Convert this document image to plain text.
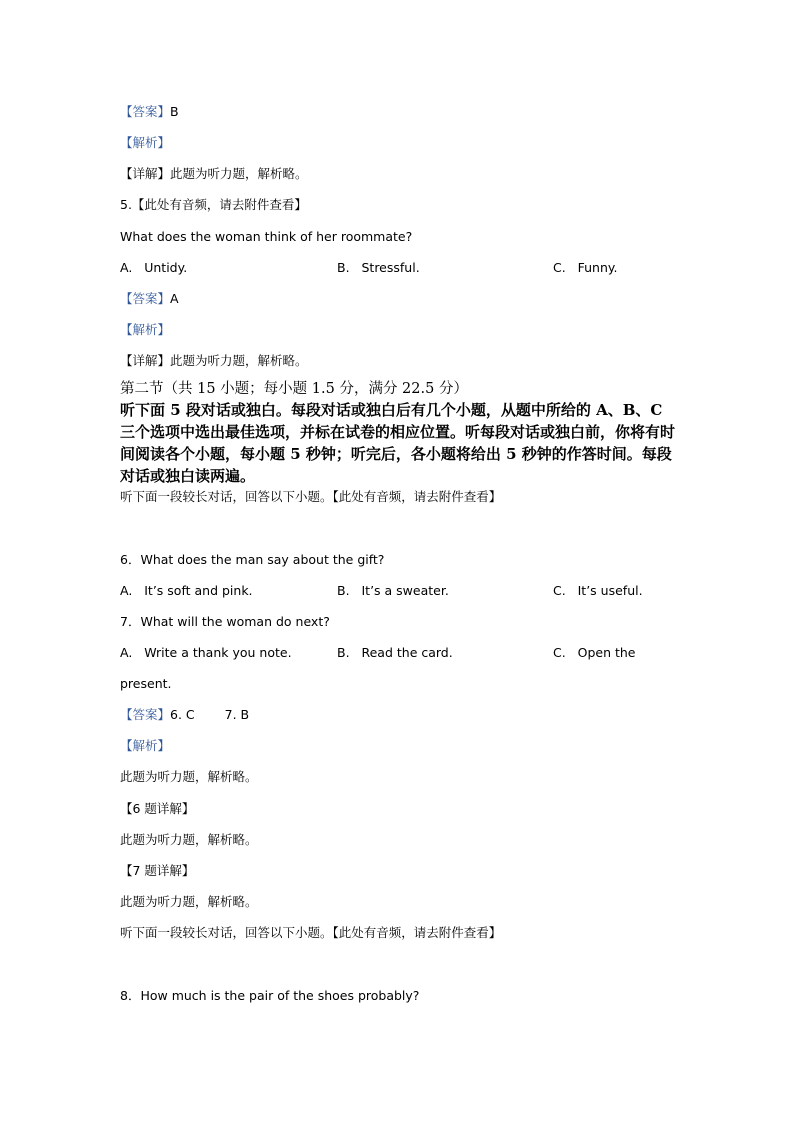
【答案】B
【解析】
【详解】此题为听力题，解析略。
5.【此处有音频，请去附件查看】
What does the woman think of her roommate?
A. Untidy.	B. Stressful.	C. Funny.
【答案】A
【解析】
【详解】此题为听力题，解析略。
第二节（共 15 小题；每小题 1.5 分，满分 22.5 分）
听下面 5 段对话或独白。每段对话或独白后有几个小题，从题中所给的 A、B、C 三个选项中选出最佳选项，并标在试卷的相应位置。听每段对话或独白前，你将有时间阅读各个小题，每小题 5 秒钟；听完后，各小题将给出 5 秒钟的作答时间。每段对话或独白读两遍。
听下面一段较长对话，回答以下小题。【此处有音频，请去附件查看】
6．What does the man say about the gift?
A. It’s soft and pink.	B. It’s a sweater.	C. It’s useful.
7．What will the woman do next?
A. Write a thank you note.	B. Read the card.	C. Open the
present.
【答案】6. C 7. B
【解析】
此题为听力题，解析略。
【6 题详解】
此题为听力题，解析略。
【7 题详解】
此题为听力题，解析略。
听下面一段较长对话，回答以下小题。【此处有音频，请去附件查看】
8．How much is the pair of the shoes probably?
